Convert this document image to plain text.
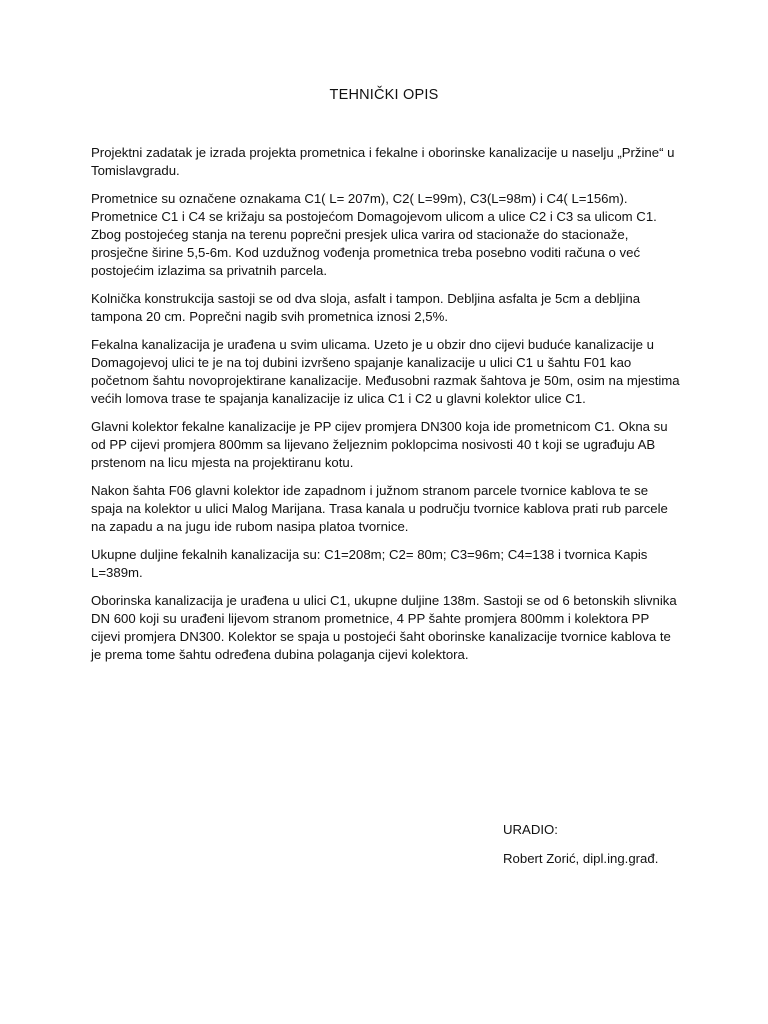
TEHNIČKI OPIS

Projektni zadatak je izrada projekta prometnica i fekalne i oborinske kanalizacije u naselju „Pržine“ u Tomislavgradu.

Prometnice su označene oznakama C1( L= 207m), C2( L=99m), C3(L=98m) i C4( L=156m). Prometnice C1 i C4 se križaju sa postojećom Domagojevom ulicom a ulice C2 i C3 sa ulicom C1. Zbog postojećeg stanja na terenu poprečni presjek ulica varira od stacionaže do stacionaže, prosječne širine 5,5-6m. Kod uzdužnog vođenja prometnica treba posebno voditi računa o već postojećim izlazima sa privatnih parcela.

Kolnička konstrukcija sastoji se od dva sloja, asfalt i tampon. Debljina asfalta je 5cm a debljina tampona 20 cm. Poprečni nagib svih prometnica iznosi 2,5%.

Fekalna kanalizacija je urađena u svim ulicama. Uzeto je u obzir dno cijevi buduće kanalizacije u Domagojevoj ulici te je na toj dubini izvršeno spajanje kanalizacije u ulici C1 u šahtu F01 kao početnom šahtu novoprojektirane kanalizacije. Međusobni razmak šahtova je 50m, osim na mjestima većih lomova trase te spajanja kanalizacije iz ulica C1 i C2 u glavni kolektor ulice C1.

Glavni kolektor fekalne kanalizacije je PP cijev promjera DN300 koja ide prometnicom C1. Okna su od PP cijevi promjera 800mm sa lijevano željeznim poklopcima nosivosti 40 t koji se ugrađuju AB prstenom na licu mjesta na projektiranu kotu.

Nakon šahta F06 glavni kolektor ide zapadnom i južnom stranom parcele tvornice kablova te se spaja na kolektor u ulici Malog Marijana. Trasa kanala u području tvornice kablova prati rub parcele na zapadu a na jugu ide rubom nasipa platoa tvornice.

Ukupne duljine fekalnih kanalizacija su: C1=208m; C2= 80m; C3=96m; C4=138 i tvornica Kapis L=389m.

Oborinska kanalizacija je urađena u ulici C1, ukupne duljine 138m. Sastoji se od 6 betonskih slivnika DN 600 koji su urađeni lijevom stranom prometnice, 4 PP šahte promjera 800mm i kolektora PP cijevi promjera DN300. Kolektor se spaja u postojeći šaht oborinske kanalizacije tvornice kablova te je prema tome šahtu određena dubina polaganja cijevi kolektora.

URADIO:
Robert Zorić, dipl.ing.građ.
